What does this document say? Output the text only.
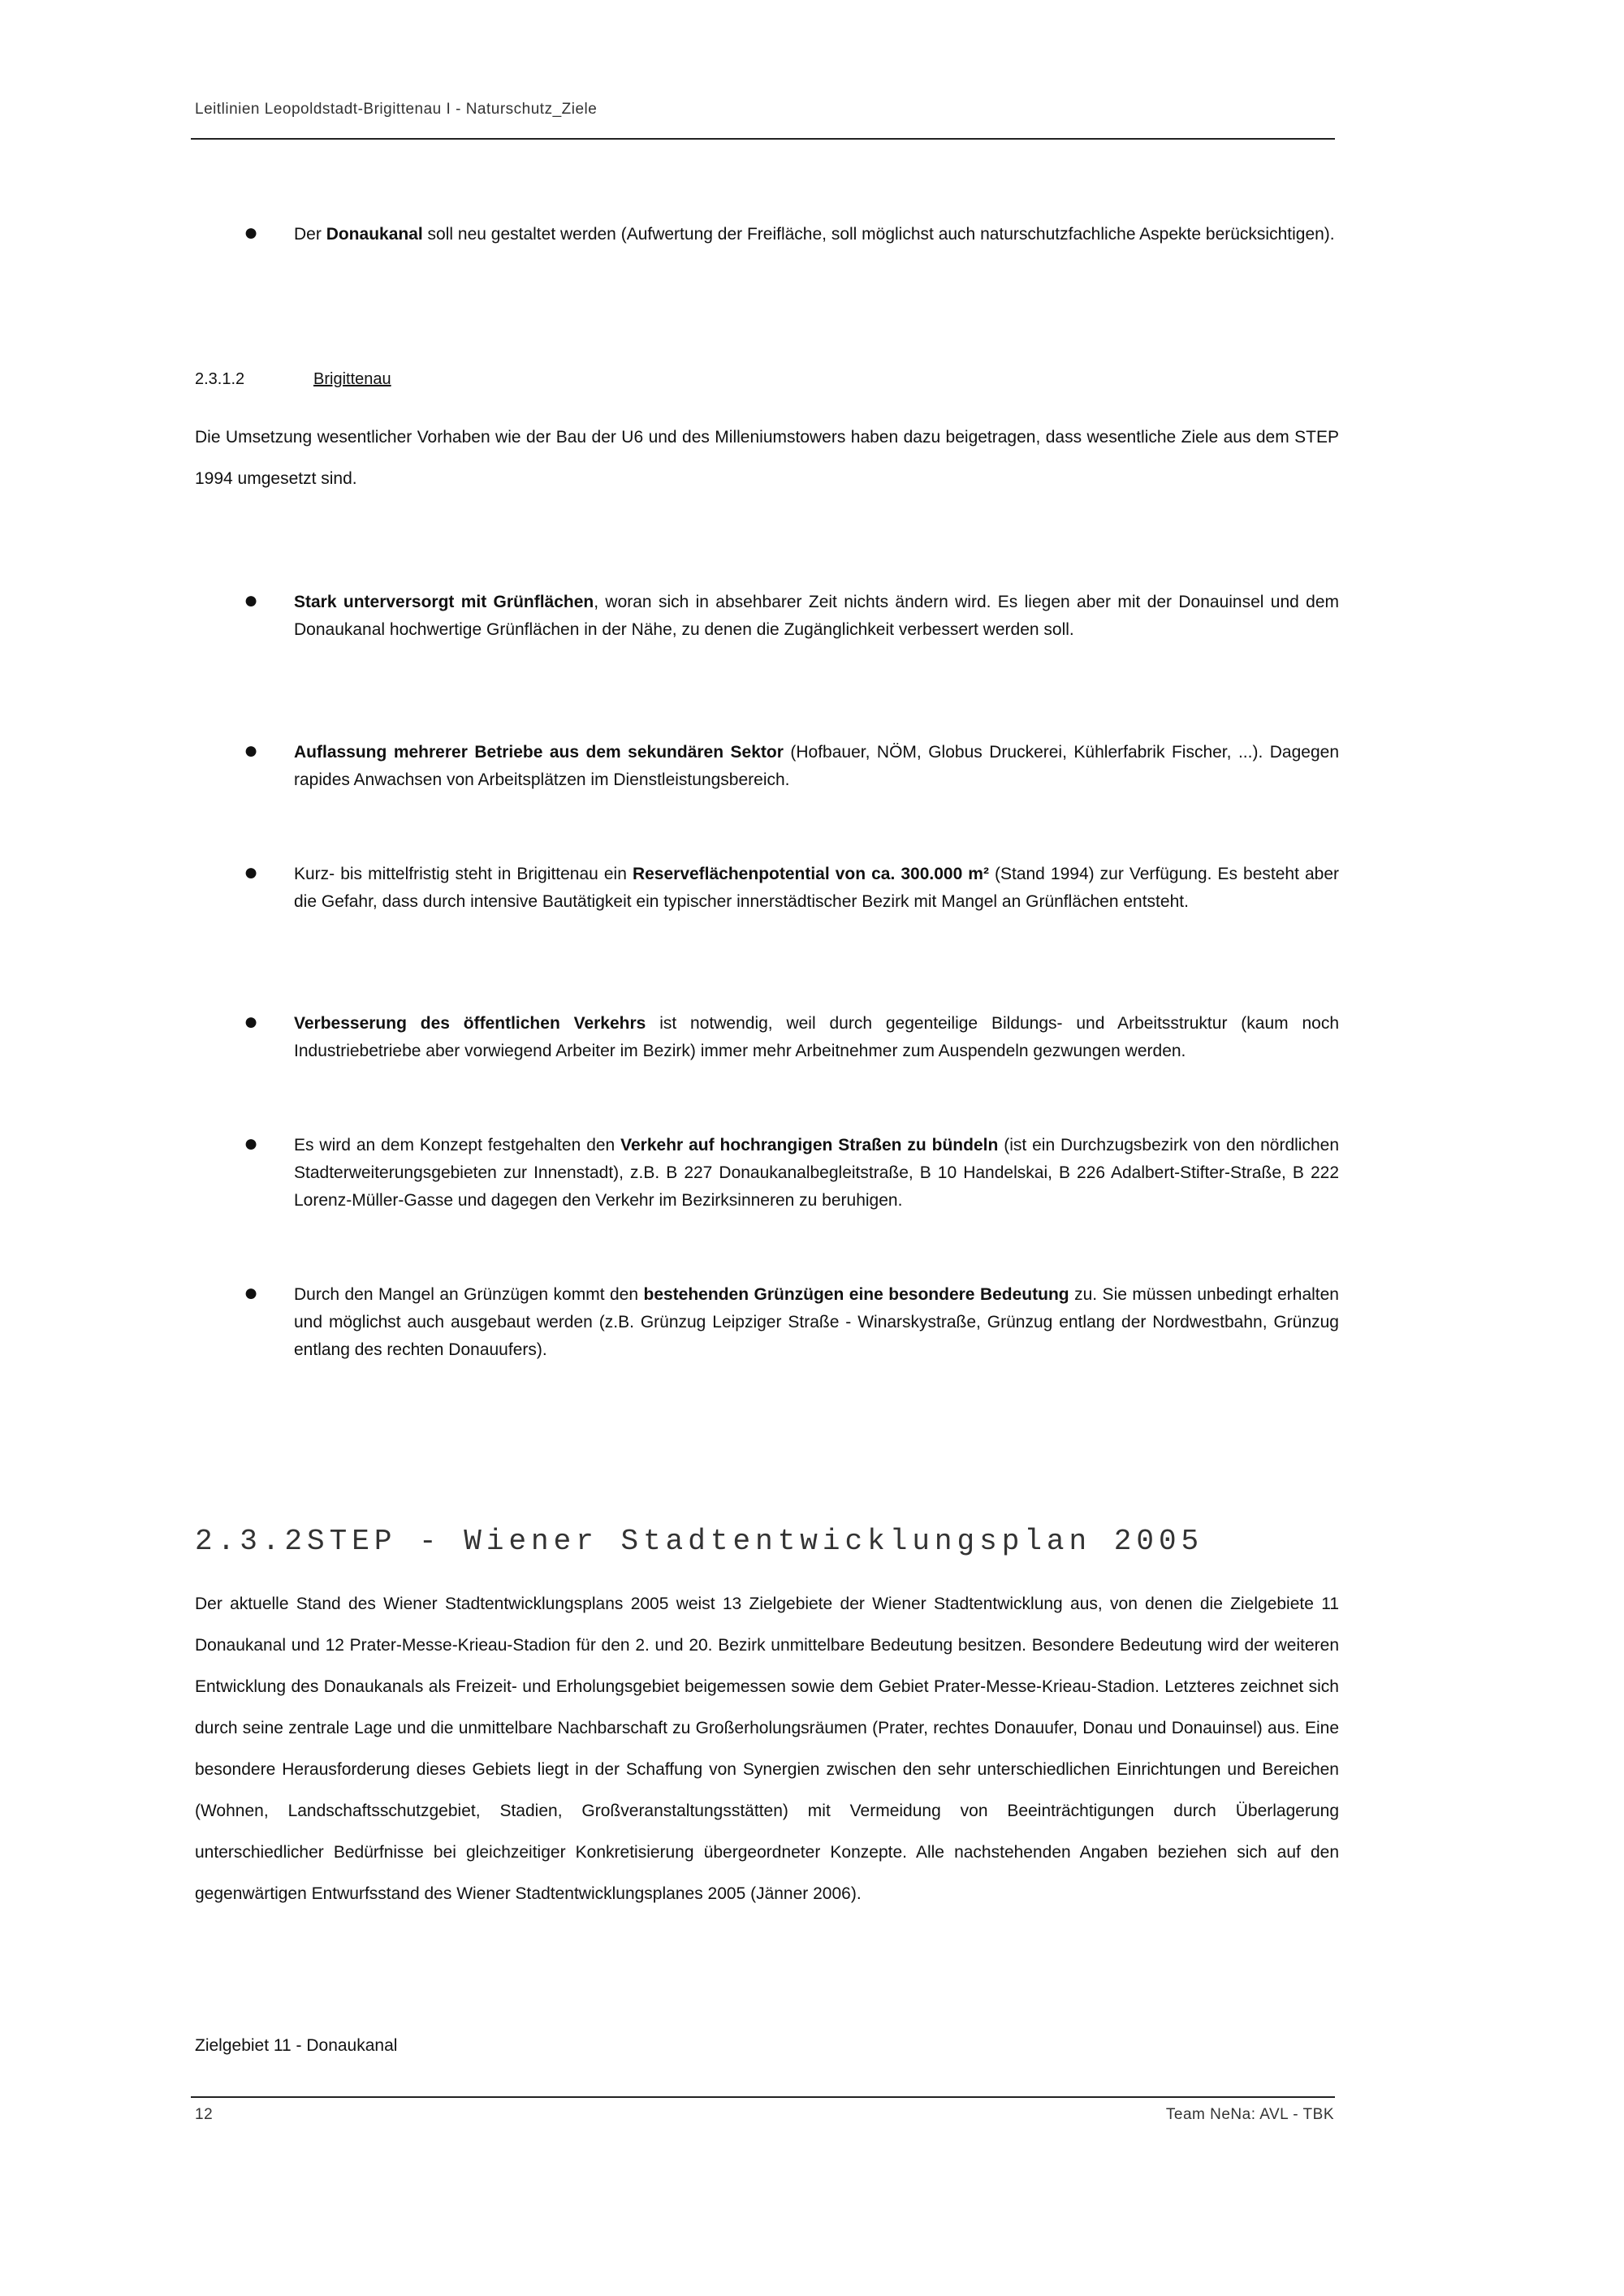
Leitlinien Leopoldstadt-Brigittenau I - Naturschutz_Ziele
● Der Donaukanal soll neu gestaltet werden (Aufwertung der Freifläche, soll möglichst auch naturschutzfachliche Aspekte berücksichtigen).
2.3.1.2	Brigittenau
Die Umsetzung wesentlicher Vorhaben wie der Bau der U6 und des Milleniumstowers haben dazu beigetragen, dass wesentliche Ziele aus dem STEP 1994 umgesetzt sind.
● Stark unterversorgt mit Grünflächen, woran sich in absehbarer Zeit nichts ändern wird. Es liegen aber mit der Donauinsel und dem Donaukanal hochwertige Grünflächen in der Nähe, zu denen die Zugänglichkeit verbessert werden soll.
● Auflassung mehrerer Betriebe aus dem sekundären Sektor (Hofbauer, NÖM, Globus Druckerei, Kühlerfabrik Fischer, ...). Dagegen rapides Anwachsen von Arbeitsplätzen im Dienstleistungsbereich.
● Kurz- bis mittelfristig steht in Brigittenau ein Reserveflächenpotential von ca. 300.000 m² (Stand 1994) zur Verfügung. Es besteht aber die Gefahr, dass durch intensive Bautätigkeit ein typischer innerstädtischer Bezirk mit Mangel an Grünflächen entsteht.
● Verbesserung des öffentlichen Verkehrs ist notwendig, weil durch gegenteilige Bildungs- und Arbeitsstruktur (kaum noch Industriebetriebe aber vorwiegend Arbeiter im Bezirk) immer mehr Arbeitnehmer zum Auspendeln gezwungen werden.
● Es wird an dem Konzept festgehalten den Verkehr auf hochrangigen Straßen zu bündeln (ist ein Durchzugsbezirk von den nördlichen Stadterweiterungsgebieten zur Innenstadt), z.B. B 227 Donaukanalbegleitstraße, B 10 Handelskai, B 226 Adalbert-Stifter-Straße, B 222 Lorenz-Müller-Gasse und dagegen den Verkehr im Bezirksinneren zu beruhigen.
● Durch den Mangel an Grünzügen kommt den bestehenden Grünzügen eine besondere Bedeutung zu. Sie müssen unbedingt erhalten und möglichst auch ausgebaut werden (z.B. Grünzug Leipziger Straße - Winarskystraße, Grünzug entlang der Nordwestbahn, Grünzug entlang des rechten Donauufers).
2.3.2STEP - Wiener Stadtentwicklungsplan 2005
Der aktuelle Stand des Wiener Stadtentwicklungsplans 2005 weist 13 Zielgebiete der Wiener Stadtentwicklung aus, von denen die Zielgebiete 11 Donaukanal und 12 Prater-Messe-Krieau-Stadion für den 2. und 20. Bezirk unmittelbare Bedeutung besitzen. Besondere Bedeutung wird der weiteren Entwicklung des Donaukanals als Freizeit- und Erholungsgebiet beigemessen sowie dem Gebiet Prater-Messe-Krieau-Stadion. Letzteres zeichnet sich durch seine zentrale Lage und die unmittelbare Nachbarschaft zu Großerholungsräumen (Prater, rechtes Donauufer, Donau und Donauinsel) aus. Eine besondere Herausforderung dieses Gebiets liegt in der Schaffung von Synergien zwischen den sehr unterschiedlichen Einrichtungen und Bereichen (Wohnen, Landschaftsschutzgebiet, Stadien, Großveranstaltungsstätten) mit Vermeidung von Beeinträchtigungen durch Überlagerung unterschiedlicher Bedürfnisse bei gleichzeitiger Konkretisierung übergeordneter Konzepte. Alle nachstehenden Angaben beziehen sich auf den gegenwärtigen Entwurfsstand des Wiener Stadtentwicklungsplanes 2005 (Jänner 2006).
Zielgebiet 11 - Donaukanal
12	Team NeNa: AVL - TBK
